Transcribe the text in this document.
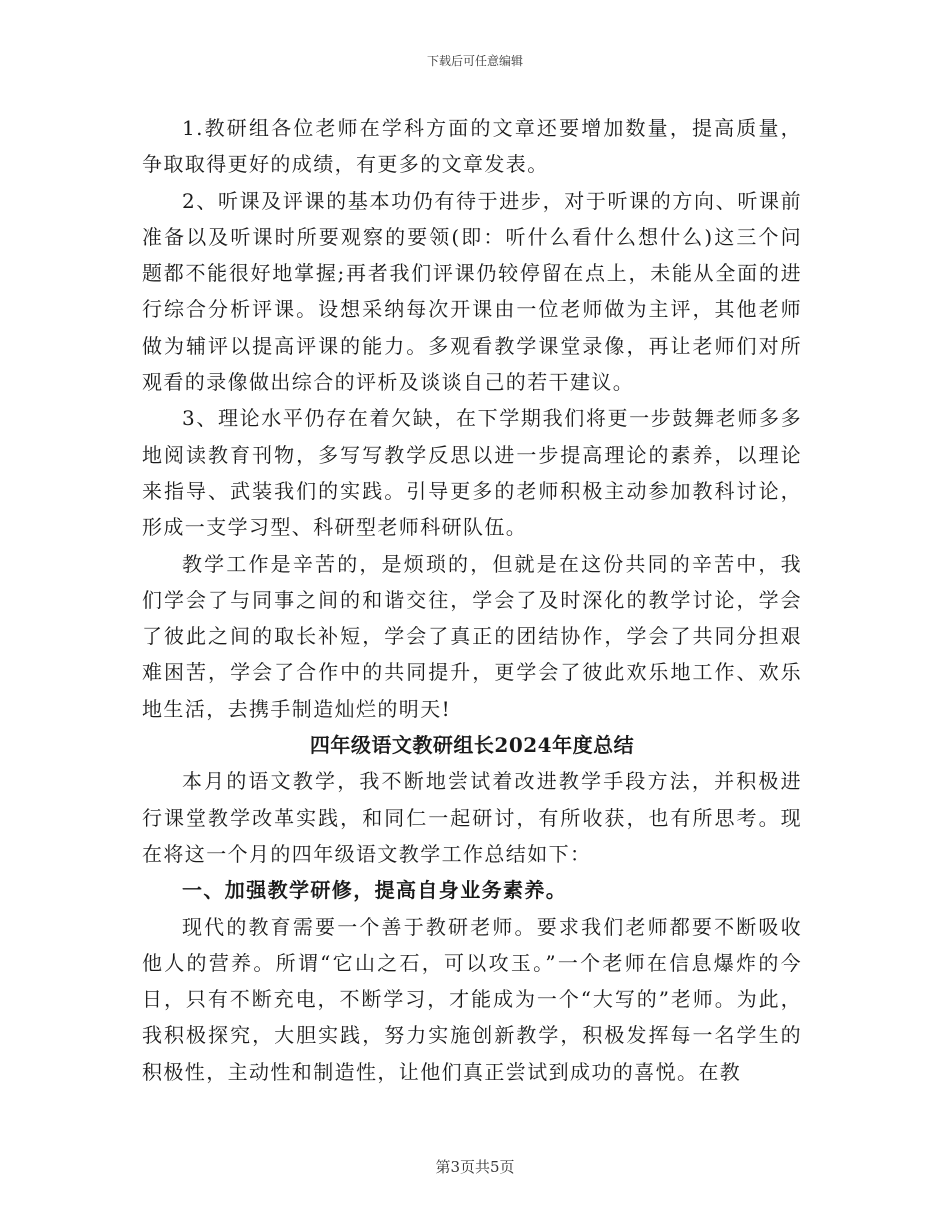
下载后可任意编辑

1.教研组各位老师在学科方面的文章还要增加数量，提高质量，争取取得更好的成绩，有更多的文章发表。

2、听课及评课的基本功仍有待于进步，对于听课的方向、听课前准备以及听课时所要观察的要领(即：听什么看什么想什么)这三个问题都不能很好地掌握;再者我们评课仍较停留在点上，未能从全面的进行综合分析评课。设想采纳每次开课由一位老师做为主评，其他老师做为辅评以提高评课的能力。多观看教学课堂录像，再让老师们对所观看的录像做出综合的评析及谈谈自己的若干建议。

3、理论水平仍存在着欠缺，在下学期我们将更一步鼓舞老师多多地阅读教育刊物，多写写教学反思以进一步提高理论的素养，以理论来指导、武装我们的实践。引导更多的老师积极主动参加教科讨论，形成一支学习型、科研型老师科研队伍。

教学工作是辛苦的，是烦琐的，但就是在这份共同的辛苦中，我们学会了与同事之间的和谐交往，学会了及时深化的教学讨论，学会了彼此之间的取长补短，学会了真正的团结协作，学会了共同分担艰难困苦，学会了合作中的共同提升，更学会了彼此欢乐地工作、欢乐地生活，去携手制造灿烂的明天!

四年级语文教研组长2024年度总结

本月的语文教学，我不断地尝试着改进教学手段方法，并积极进行课堂教学改革实践，和同仁一起研讨，有所收获，也有所思考。现在将这一个月的四年级语文教学工作总结如下：

一、加强教学研修，提高自身业务素养。

现代的教育需要一个善于教研老师。要求我们老师都要不断吸收他人的营养。所谓“它山之石，可以攻玉。”一个老师在信息爆炸的今日，只有不断充电，不断学习，才能成为一个“大写的”老师。为此，我积极探究，大胆实践，努力实施创新教学，积极发挥每一名学生的积极性，主动性和制造性，让他们真正尝试到成功的喜悦。在教

第3页共5页
